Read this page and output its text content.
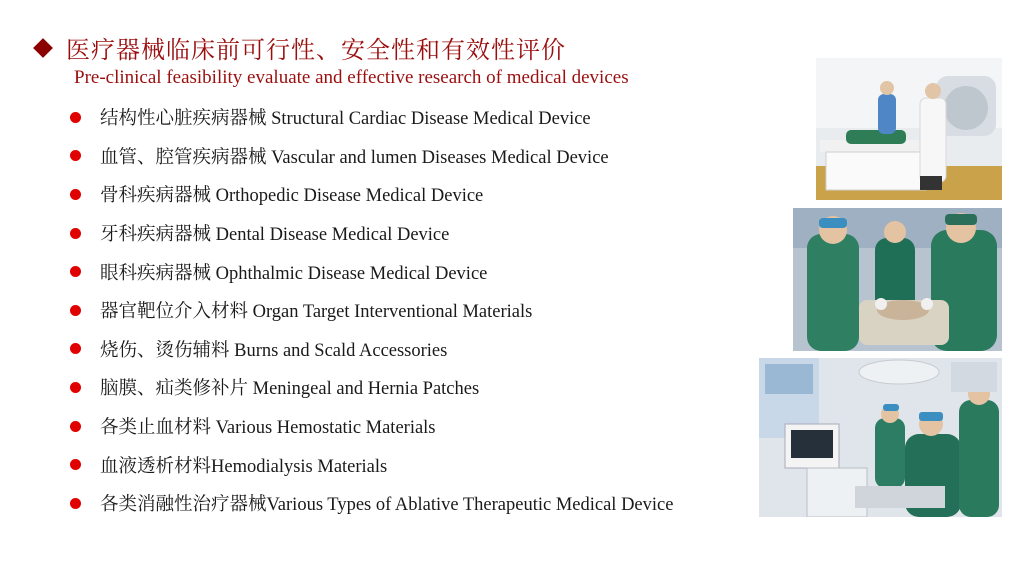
医疗器械临床前可行性、安全性和有效性评价
Pre-clinical feasibility evaluate and effective research of medical devices
结构性心脏疾病器械 Structural Cardiac Disease Medical Device
血管、腔管疾病器械 Vascular and lumen Diseases Medical Device
骨科疾病器械 Orthopedic Disease Medical Device
牙科疾病器械 Dental Disease Medical Device
眼科疾病器械 Ophthalmic Disease Medical Device
器官靶位介入材料 Organ Target Interventional Materials
烧伤、烫伤辅料 Burns and Scald Accessories
脑膜、疝类修补片 Meningeal and Hernia Patches
各类止血材料 Various Hemostatic Materials
血液透析材料Hemodialysis Materials
各类消融性治疗器械Various Types of Ablative Therapeutic Medical Device
